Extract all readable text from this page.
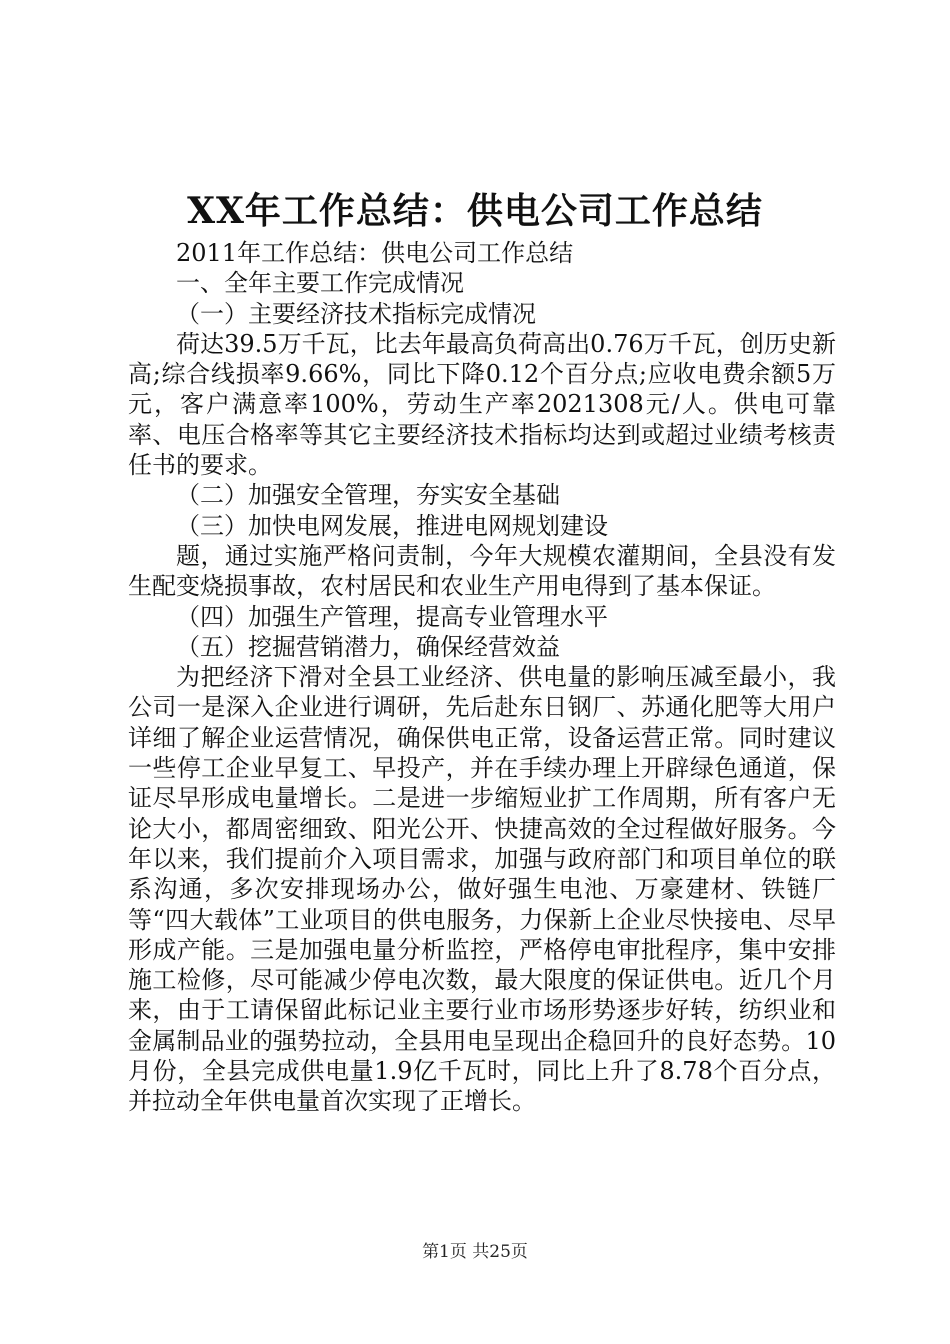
XX年工作总结：供电公司工作总结

2011年工作总结：供电公司工作总结

一、全年主要工作完成情况

（一）主要经济技术指标完成情况

荷达39.5万千瓦，比去年最高负荷高出0.76万千瓦，创历史新高;综合线损率9.66%，同比下降0.12个百分点;应收电费余额5万元，客户满意率100%，劳动生产率2021308元/人。供电可靠率、电压合格率等其它主要经济技术指标均达到或超过业绩考核责任书的要求。

（二）加强安全管理，夯实安全基础

（三）加快电网发展，推进电网规划建设

题，通过实施严格问责制，今年大规模农灌期间，全县没有发生配变烧损事故，农村居民和农业生产用电得到了基本保证。

（四）加强生产管理，提高专业管理水平

（五）挖掘营销潜力，确保经营效益

为把经济下滑对全县工业经济、供电量的影响压减至最小，我公司一是深入企业进行调研，先后赴东日钢厂、苏通化肥等大用户详细了解企业运营情况，确保供电正常，设备运营正常。同时建议一些停工企业早复工、早投产，并在手续办理上开辟绿色通道，保证尽早形成电量增长。二是进一步缩短业扩工作周期，所有客户无论大小，都周密细致、阳光公开、快捷高效的全过程做好服务。今年以来，我们提前介入项目需求，加强与政府部门和项目单位的联系沟通，多次安排现场办公，做好强生电池、万豪建材、铁链厂等“四大载体”工业项目的供电服务，力保新上企业尽快接电、尽早形成产能。三是加强电量分析监控，严格停电审批程序，集中安排施工检修，尽可能减少停电次数，最大限度的保证供电。近几个月来，由于工请保留此标记业主要行业市场形势逐步好转，纺织业和金属制品业的强势拉动，全县用电呈现出企稳回升的良好态势。10月份，全县完成供电量1.9亿千瓦时，同比上升了8.78个百分点，并拉动全年供电量首次实现了正增长。

第1页 共25页
